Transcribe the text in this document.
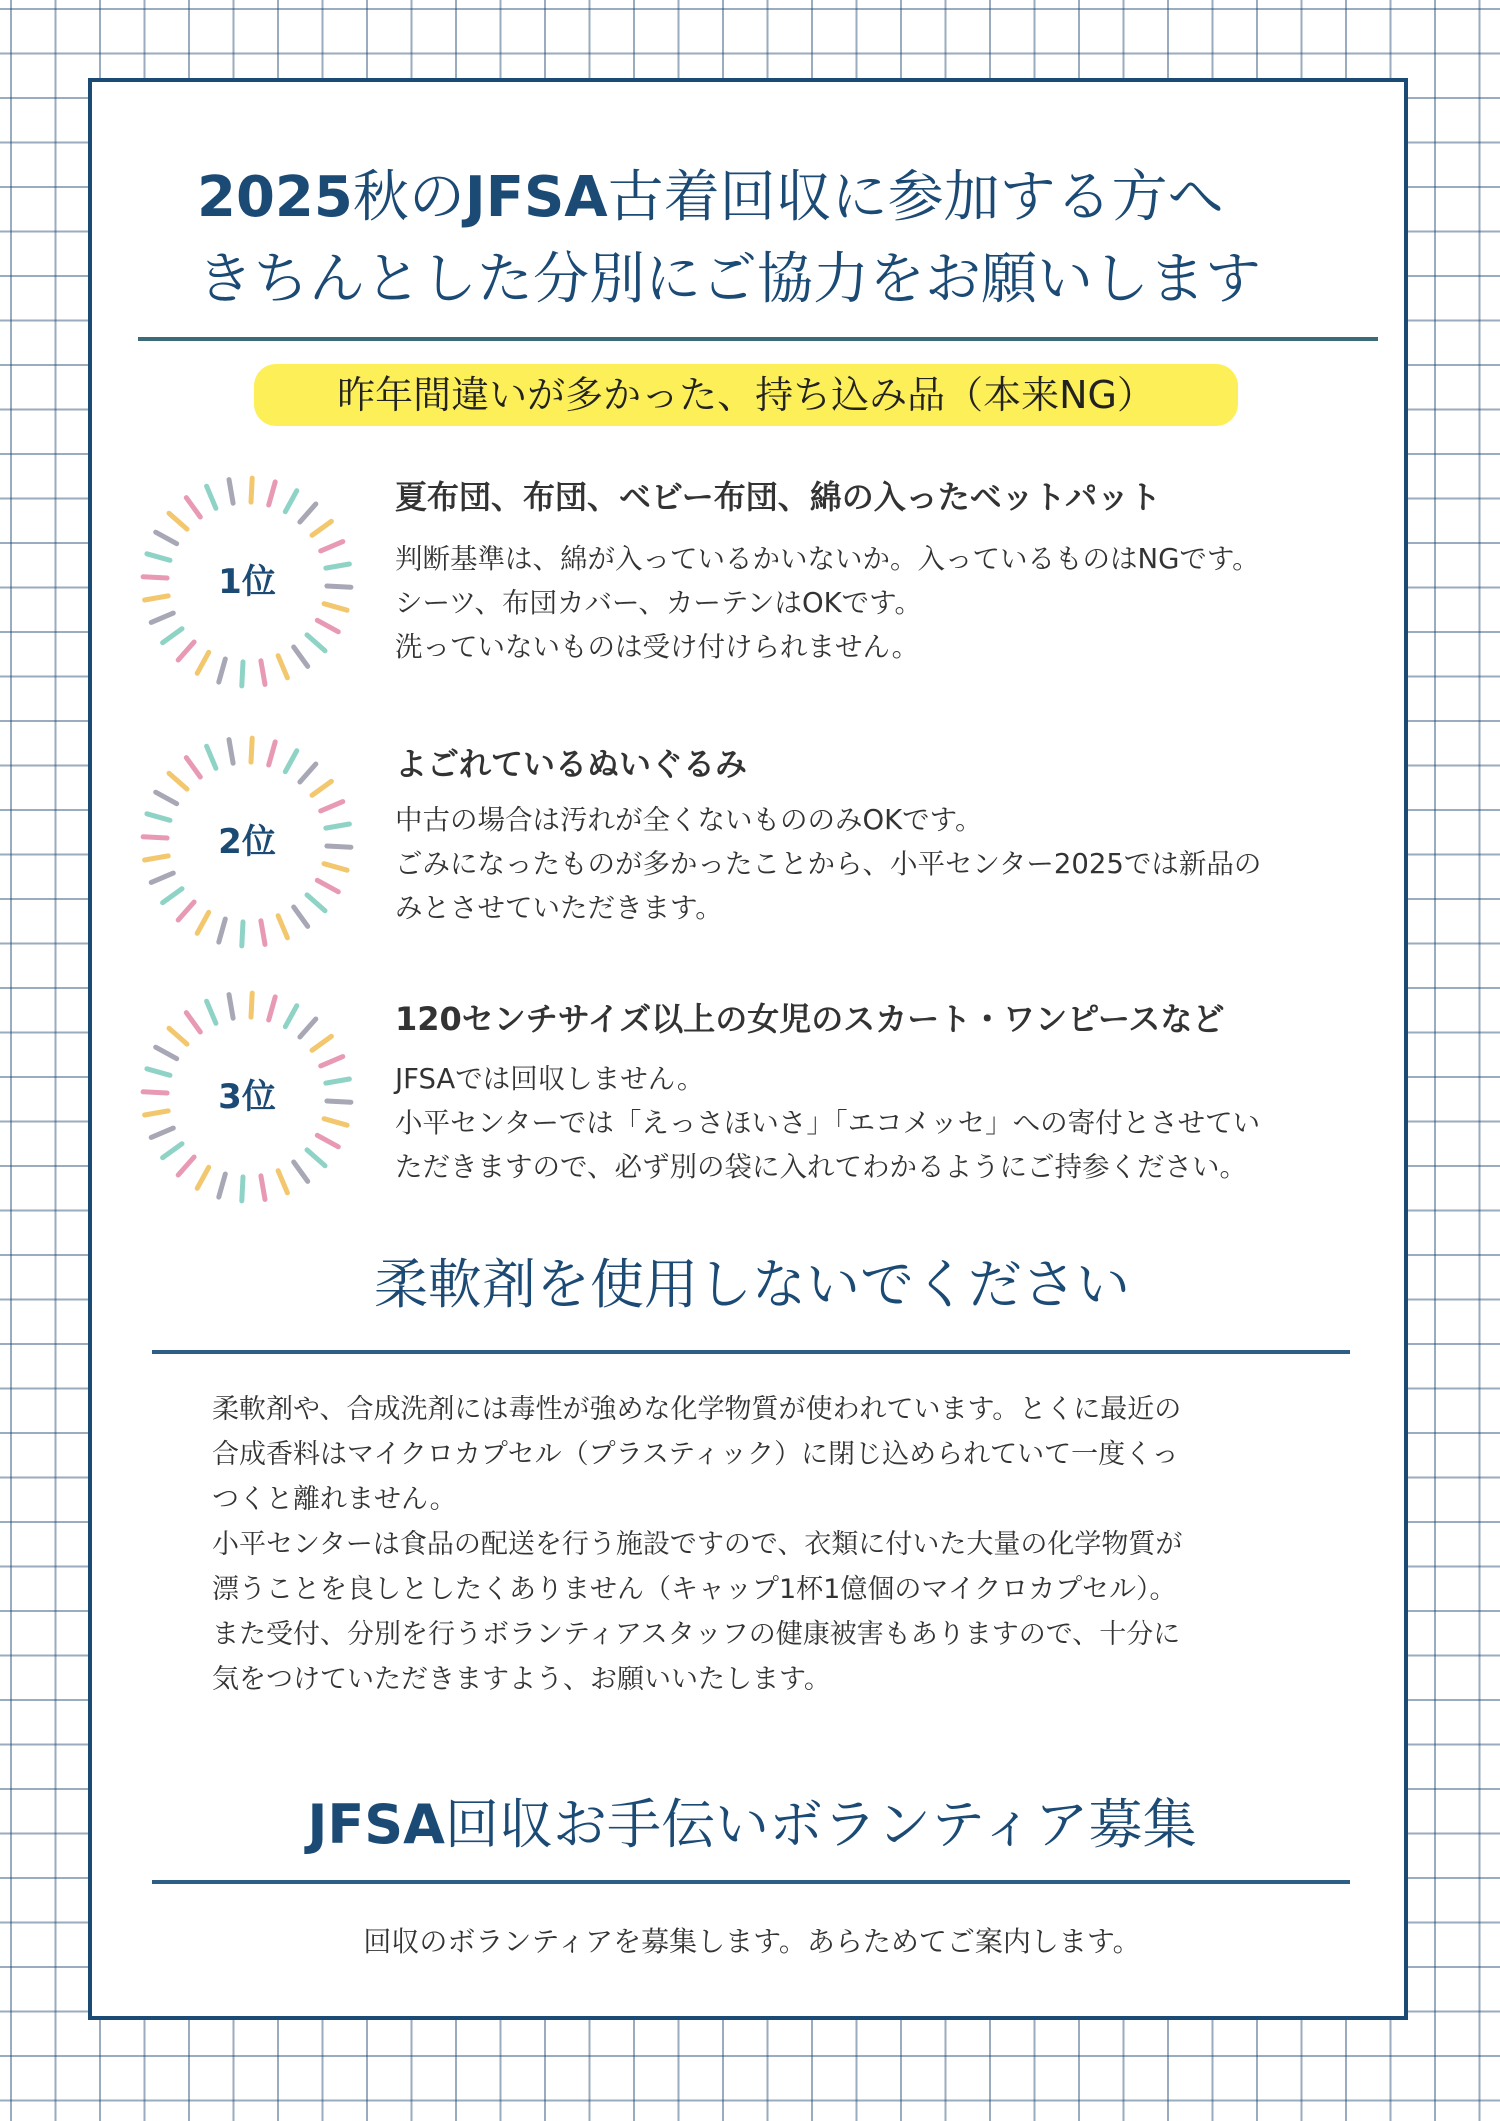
2025秋のJFSA古着回収に参加する方へ
きちんとした分別にご協力をお願いします
昨年間違いが多かった、持ち込み品（本来NG）
1位
夏布団、布団、ベビー布団、綿の入ったベットパット
判断基準は、綿が入っているかいないか。入っているものはNGです。
シーツ、布団カバー、カーテンはOKです。
洗っていないものは受け付けられません。
2位
よごれているぬいぐるみ
中古の場合は汚れが全くないもののみOKです。
ごみになったものが多かったことから、小平センター2025では新品の
みとさせていただきます。
3位
120センチサイズ以上の女児のスカート・ワンピースなど
JFSAでは回収しません。
小平センターでは「えっさほいさ」「エコメッセ」への寄付とさせてい
ただきますので、必ず別の袋に入れてわかるようにご持参ください。
柔軟剤を使用しないでください
柔軟剤や、合成洗剤には毒性が強めな化学物質が使われています。とくに最近の
合成香料はマイクロカプセル（プラスティック）に閉じ込められていて一度くっ
つくと離れません。
小平センターは食品の配送を行う施設ですので、衣類に付いた大量の化学物質が
漂うことを良しとしたくありません（キャップ1杯1億個のマイクロカプセル）。
また受付、分別を行うボランティアスタッフの健康被害もありますので、十分に
気をつけていただきますよう、お願いいたします。
JFSA回収お手伝いボランティア募集
回収のボランティアを募集します。あらためてご案内します。
